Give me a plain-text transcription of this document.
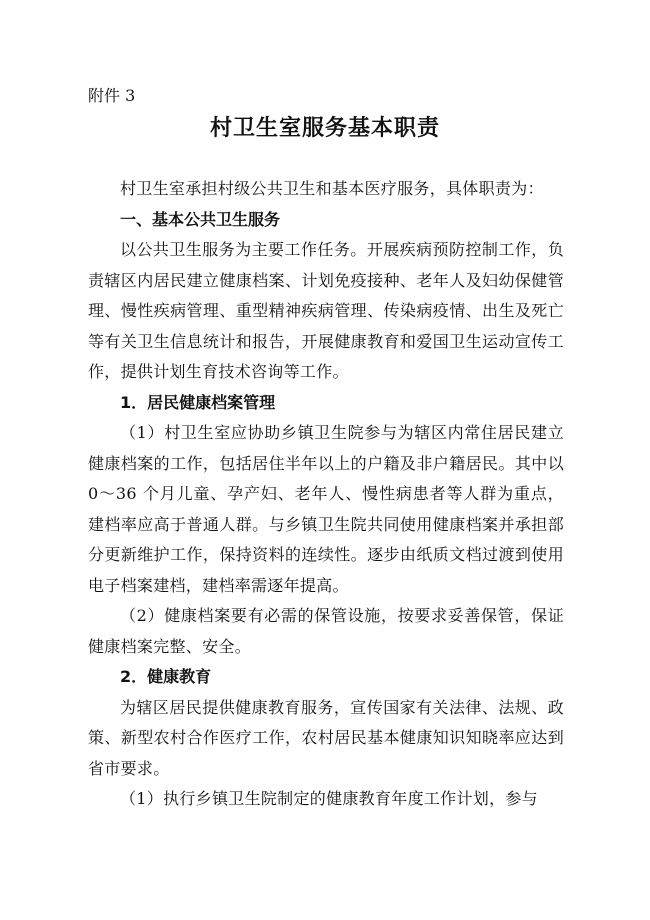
附件 3
村卫生室服务基本职责

村卫生室承担村级公共卫生和基本医疗服务，具体职责为：

一、基本公共卫生服务

以公共卫生服务为主要工作任务。开展疾病预防控制工作，负责辖区内居民建立健康档案、计划免疫接种、老年人及妇幼保健管理、慢性疾病管理、重型精神疾病管理、传染病疫情、出生及死亡等有关卫生信息统计和报告，开展健康教育和爱国卫生运动宣传工作，提供计划生育技术咨询等工作。

1．居民健康档案管理

（1）村卫生室应协助乡镇卫生院参与为辖区内常住居民建立健康档案的工作，包括居住半年以上的户籍及非户籍居民。其中以 0～36 个月儿童、孕产妇、老年人、慢性病患者等人群为重点，建档率应高于普通人群。与乡镇卫生院共同使用健康档案并承担部分更新维护工作，保持资料的连续性。逐步由纸质文档过渡到使用电子档案建档，建档率需逐年提高。

（2）健康档案要有必需的保管设施，按要求妥善保管，保证健康档案完整、安全。

2．健康教育

为辖区居民提供健康教育服务，宣传国家有关法律、法规、政策、新型农村合作医疗工作，农村居民基本健康知识知晓率应达到省市要求。

（1）执行乡镇卫生院制定的健康教育年度工作计划，参与
